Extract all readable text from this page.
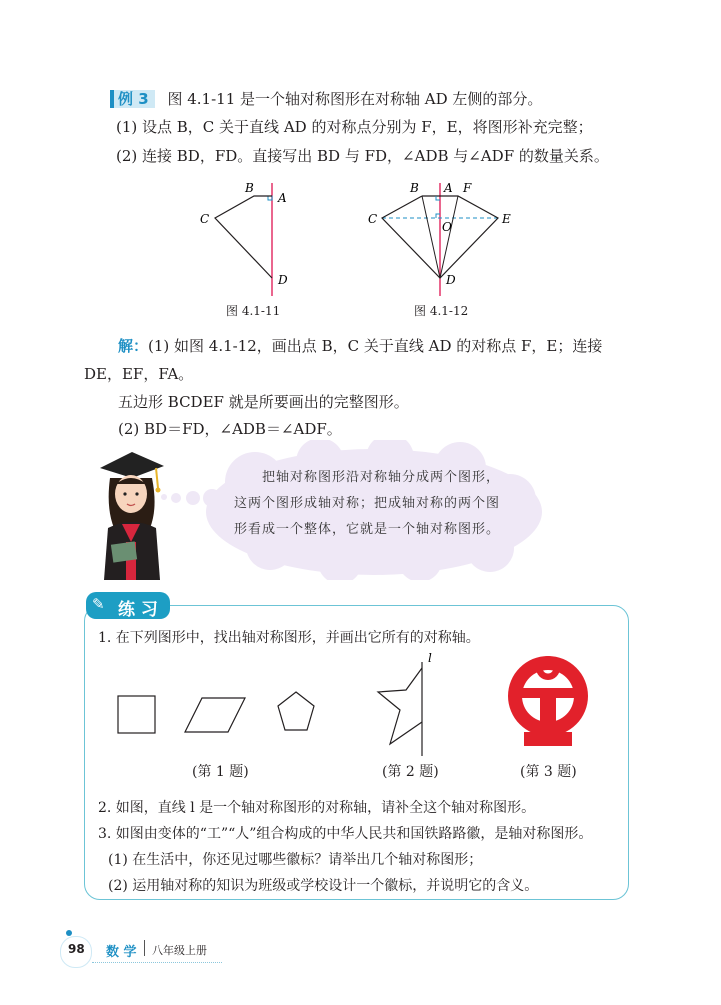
例 3 图 4.1-11 是一个轴对称图形在对称轴 AD 左侧的部分。
(1) 设点 B，C 关于直线 AD 的对称点分别为 F，E，将图形补充完整；
(2) 连接 BD，FD。直接写出 BD 与 FD，∠ADB 与∠ADF 的数量关系。
B
A
C
D
图 4.1-11
B A F
C
O
E
D
图 4.1-12
解：(1) 如图 4.1-12，画出点 B，C 关于直线 AD 的对称点 F，E；连接
DE，EF，FA。
五边形 BCDEF 就是所要画出的完整图形。
(2) BD＝FD，∠ADB＝∠ADF。
把轴对称图形沿对称轴分成两个图形，
这两个图形成轴对称；把成轴对称的两个图
形看成一个整体，它就是一个轴对称图形。
✎ 练 习
1. 在下列图形中，找出轴对称图形，并画出它所有的对称轴。
l
(第 1 题)	(第 2 题)	(第 3 题)
2. 如图，直线 l 是一个轴对称图形的对称轴，请补全这个轴对称图形。
3. 如图由变体的“工”“人”组合构成的中华人民共和国铁路路徽，是轴对称图形。
(1) 在生活中，你还见过哪些徽标？请举出几个轴对称图形；
(2) 运用轴对称的知识为班级或学校设计一个徽标，并说明它的含义。
98 数 学 八年级上册
